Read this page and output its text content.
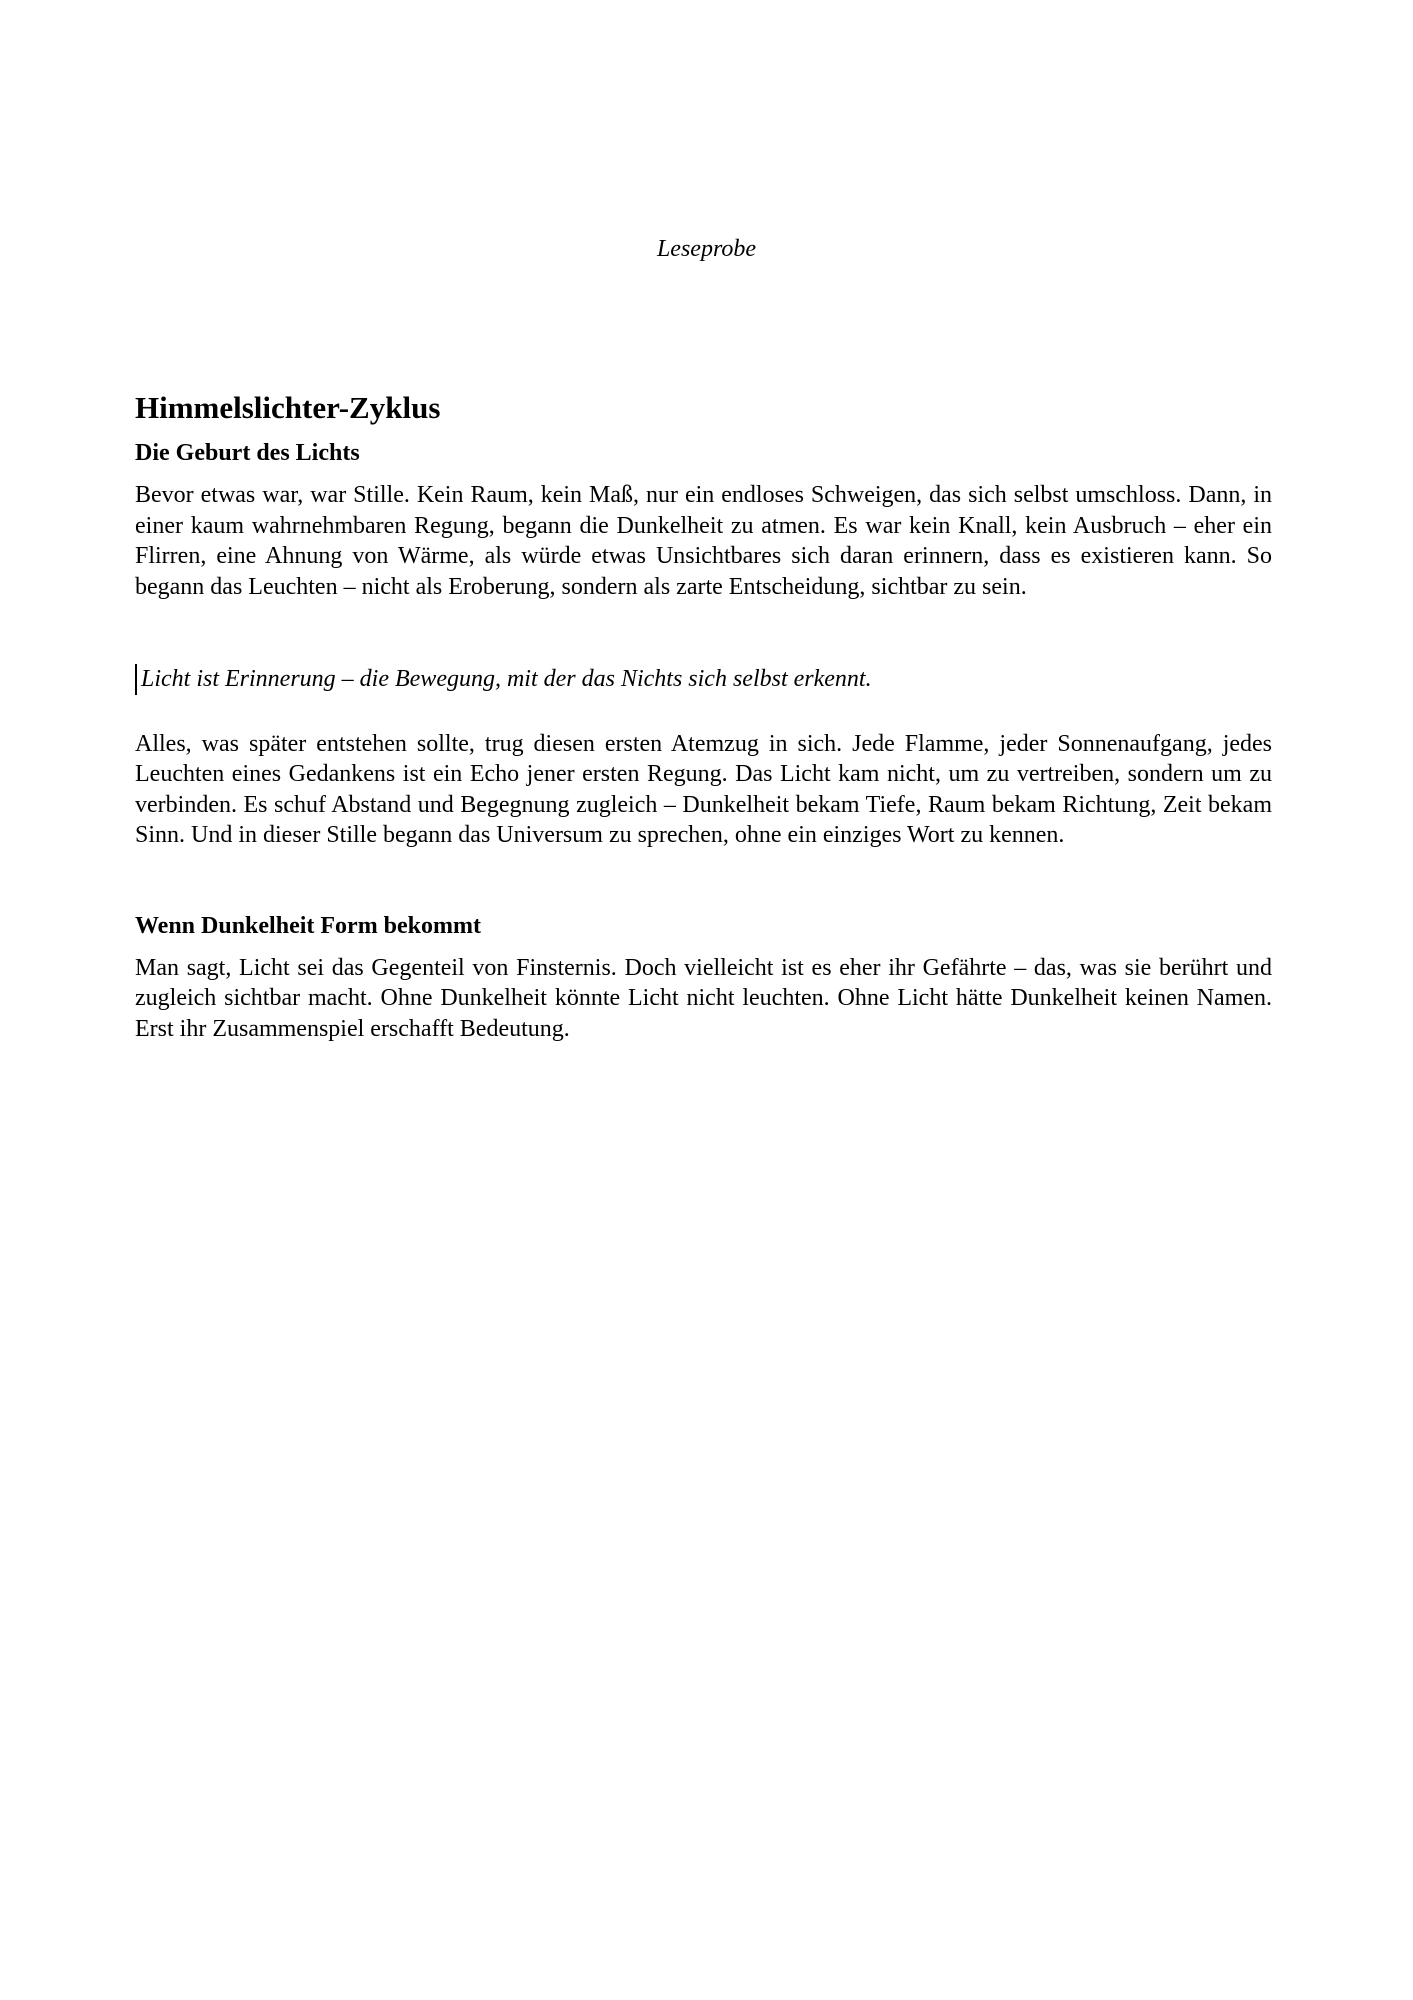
Leseprobe
Himmelslichter-Zyklus
Die Geburt des Lichts

Bevor etwas war, war Stille. Kein Raum, kein Maß, nur ein endloses Schweigen, das sich selbst umschloss. Dann, in einer kaum wahrnehmbaren Regung, begann die Dunkelheit zu atmen. Es war kein Knall, kein Ausbruch – eher ein Flirren, eine Ahnung von Wärme, als würde etwas Unsichtbares sich daran erinnern, dass es existieren kann. So begann das Leuchten – nicht als Eroberung, sondern als zarte Entscheidung, sichtbar zu sein.

Licht ist Erinnerung – die Bewegung, mit der das Nichts sich selbst erkennt.

Alles, was später entstehen sollte, trug diesen ersten Atemzug in sich. Jede Flamme, jeder Sonnenaufgang, jedes Leuchten eines Gedankens ist ein Echo jener ersten Regung. Das Licht kam nicht, um zu vertreiben, sondern um zu verbinden. Es schuf Abstand und Begegnung zugleich – Dunkelheit bekam Tiefe, Raum bekam Richtung, Zeit bekam Sinn. Und in dieser Stille begann das Universum zu sprechen, ohne ein einziges Wort zu kennen.

Wenn Dunkelheit Form bekommt

Man sagt, Licht sei das Gegenteil von Finsternis. Doch vielleicht ist es eher ihr Gefährte – das, was sie berührt und zugleich sichtbar macht. Ohne Dunkelheit könnte Licht nicht leuchten. Ohne Licht hätte Dunkelheit keinen Namen. Erst ihr Zusammenspiel erschafft Bedeutung.
